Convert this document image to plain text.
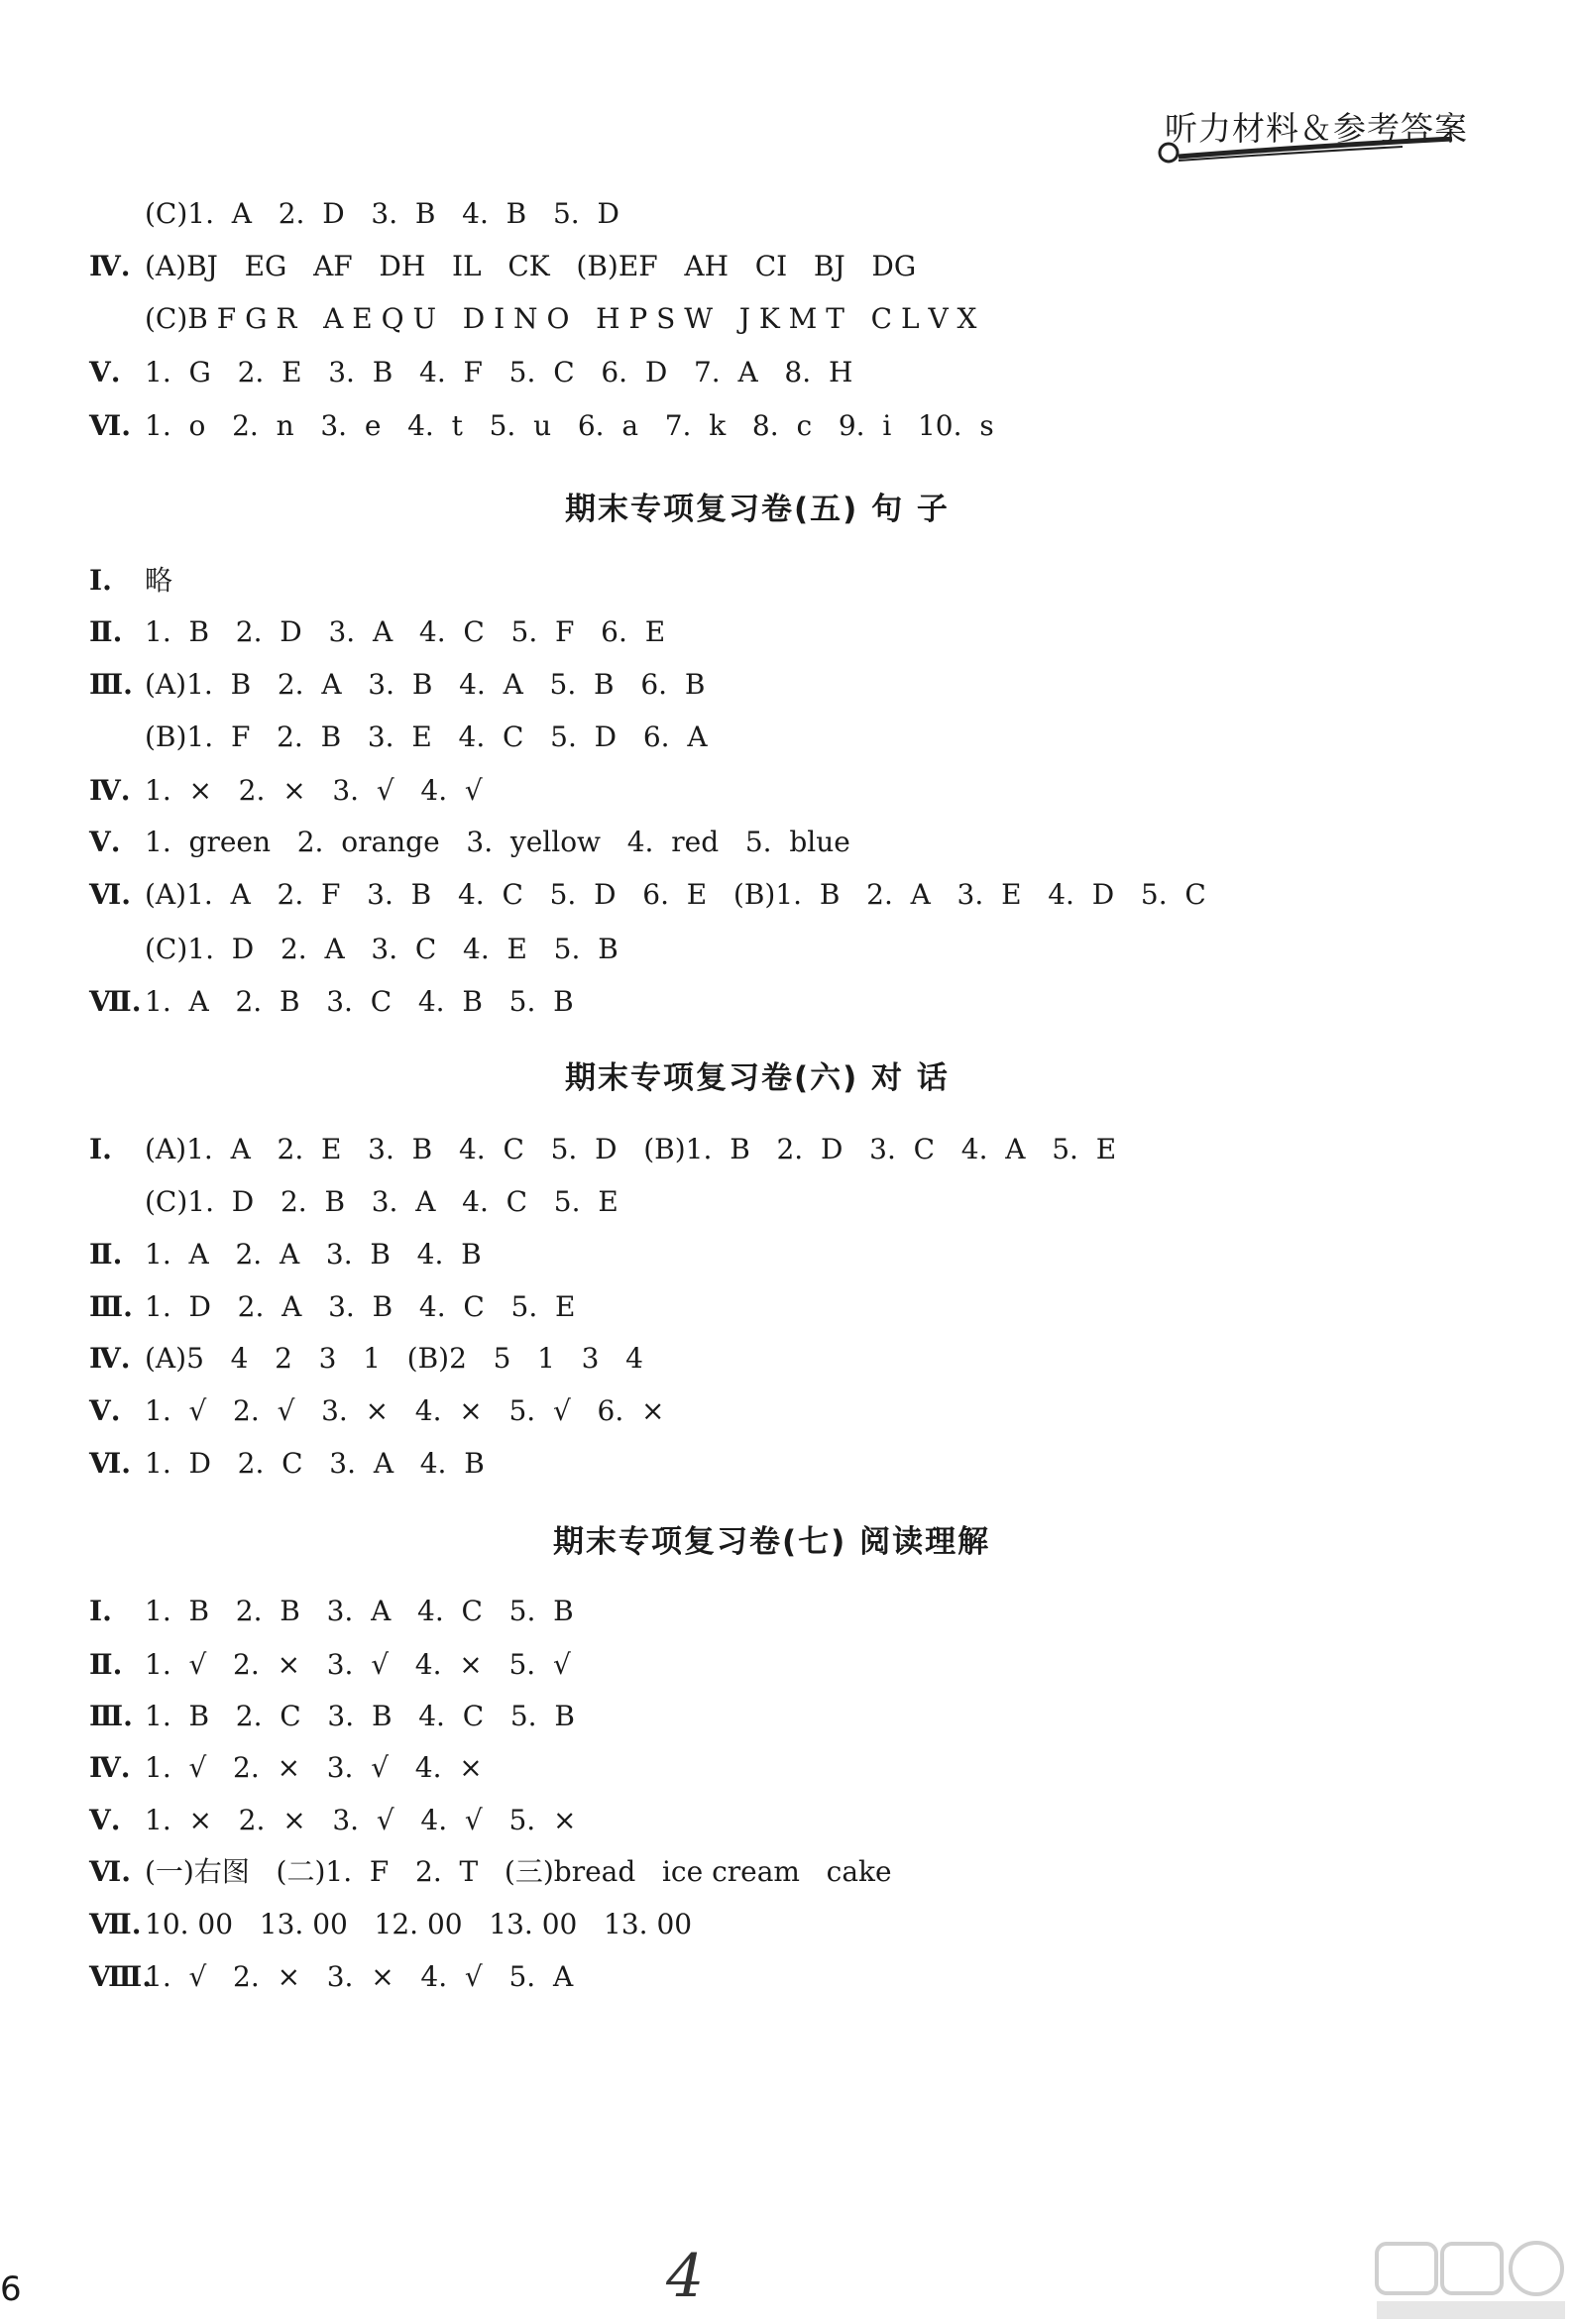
听力材料＆参考答案
期末专项复习卷(五) 句 子
期末专项复习卷(六) 对 话
期末专项复习卷(七) 阅读理解
(C)1.  A   2.  D   3.  B   4.  B   5.  D
Ⅳ. (A)BJ   EG   AF   DH   IL   CK   (B)EF   AH   CI   BJ   DG
(C)B F G R   A E Q U   D I N O   H P S W   J K M T   C L V X
Ⅴ. 1.  G   2.  E   3.  B   4.  F   5.  C   6.  D   7.  A   8.  H
Ⅵ. 1.  o   2.  n   3.  e   4.  t   5.  u   6.  a   7.  k   8.  c   9.  i   10.  s
Ⅰ. 略
Ⅱ. 1.  B   2.  D   3.  A   4.  C   5.  F   6.  E
Ⅲ. (A)1.  B   2.  A   3.  B   4.  A   5.  B   6.  B
(B)1.  F   2.  B   3.  E   4.  C   5.  D   6.  A
Ⅳ. 1.  ×   2.  ×   3.  √   4.  √
Ⅴ. 1.  green   2.  orange   3.  yellow   4.  red   5.  blue
Ⅵ. (A)1.  A   2.  F   3.  B   4.  C   5.  D   6.  E   (B)1.  B   2.  A   3.  E   4.  D   5.  C
(C)1.  D   2.  A   3.  C   4.  E   5.  B
Ⅶ. 1.  A   2.  B   3.  C   4.  B   5.  B
Ⅰ. (A)1.  A   2.  E   3.  B   4.  C   5.  D   (B)1.  B   2.  D   3.  C   4.  A   5.  E
(C)1.  D   2.  B   3.  A   4.  C   5.  E
Ⅱ. 1.  A   2.  A   3.  B   4.  B
Ⅲ. 1.  D   2.  A   3.  B   4.  C   5.  E
Ⅳ. (A)5   4   2   3   1   (B)2   5   1   3   4
Ⅴ. 1.  √   2.  √   3.  ×   4.  ×   5.  √   6.  ×
Ⅵ. 1.  D   2.  C   3.  A   4.  B
Ⅰ. 1.  B   2.  B   3.  A   4.  C   5.  B
Ⅱ. 1.  √   2.  ×   3.  √   4.  ×   5.  √
Ⅲ. 1.  B   2.  C   3.  B   4.  C   5.  B
Ⅳ. 1.  √   2.  ×   3.  √   4.  ×
Ⅴ. 1.  ×   2.  ×   3.  √   4.  √   5.  ×
Ⅵ. (一)右图   (二)1.  F   2.  T   (三)bread   ice cream   cake
Ⅶ. 10. 00   13. 00   12. 00   13. 00   13. 00
Ⅷ.1.  √   2.  ×   3.  ×   4.  √   5.  A
6	4
